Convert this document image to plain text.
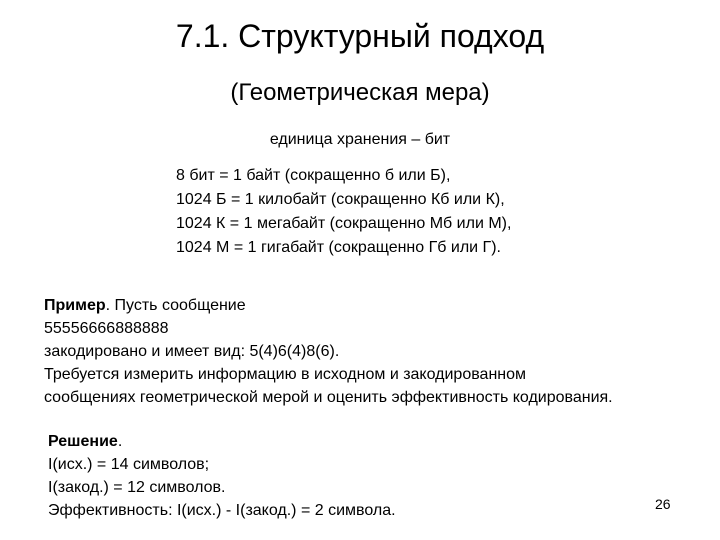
7.1. Структурный подход
(Геометрическая мера)
единица хранения – бит
8 бит = 1 байт (сокращенно б или Б),
1024 Б = 1 килобайт (сокращенно Кб или К),
1024 К = 1 мегабайт (сокращенно Мб или М),
1024 М = 1 гигабайт (сокращенно Гб или Г).
Пример. Пусть сообщение
55556666888888
закодировано и имеет вид: 5(4)6(4)8(6).
Требуется измерить информацию в исходном и закодированном
сообщениях геометрической мерой и оценить эффективность кодирования.
Решение.
I(исх.) = 14 символов;
I(закод.) = 12 символов.
Эффективность: I(исх.) - I(закод.) = 2 символа.	26
